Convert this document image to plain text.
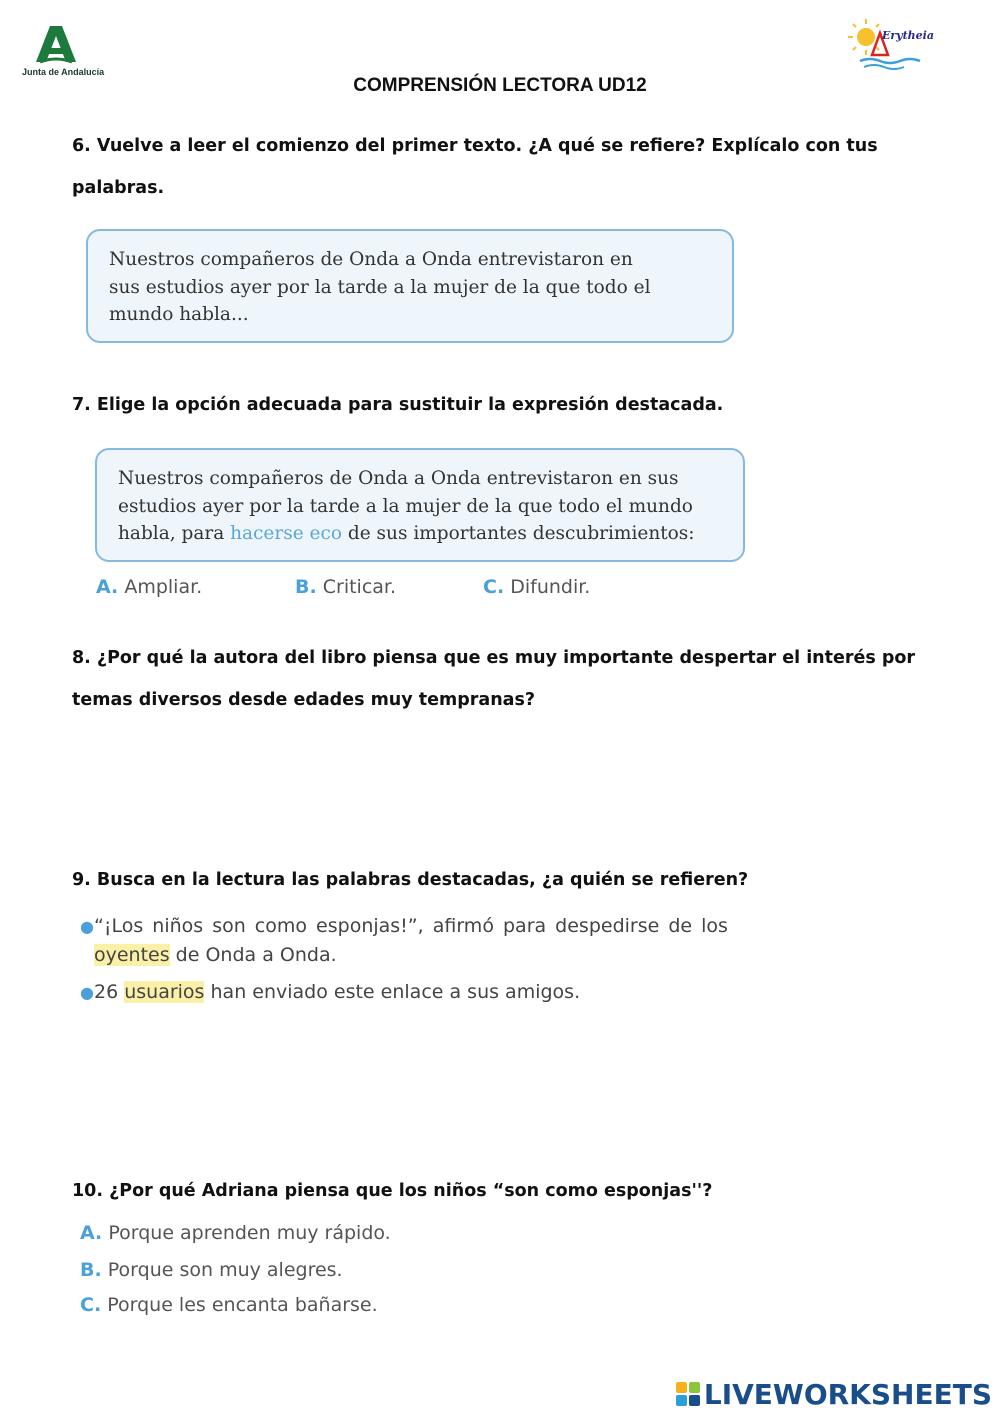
Junta de Andalucía
Erytheia
COMPRENSIÓN LECTORA UD12
6. Vuelve a leer el comienzo del primer texto. ¿A qué se refiere? Explícalo con tus
palabras.
Nuestros compañeros de Onda a Onda entrevistaron en
sus estudios ayer por la tarde a la mujer de la que todo el
mundo habla...
7. Elige la opción adecuada para sustituir la expresión destacada.
Nuestros compañeros de Onda a Onda entrevistaron en sus
estudios ayer por la tarde a la mujer de la que todo el mundo
habla, para hacerse eco de sus importantes descubrimientos:
A. Ampliar.	B. Criticar.	C. Difundir.
8. ¿Por qué la autora del libro piensa que es muy importante despertar el interés por
temas diversos desde edades muy tempranas?
9. Busca en la lectura las palabras destacadas, ¿a quién se refieren?
● “¡Los niños son como esponjas!”, afirmó para despedirse de los
oyentes de Onda a Onda.
● 26 usuarios han enviado este enlace a sus amigos.
10. ¿Por qué Adriana piensa que los niños “son como esponjas''?
A. Porque aprenden muy rápido.
B. Porque son muy alegres.
C. Porque les encanta bañarse.
LIVEWORKSHEETS
